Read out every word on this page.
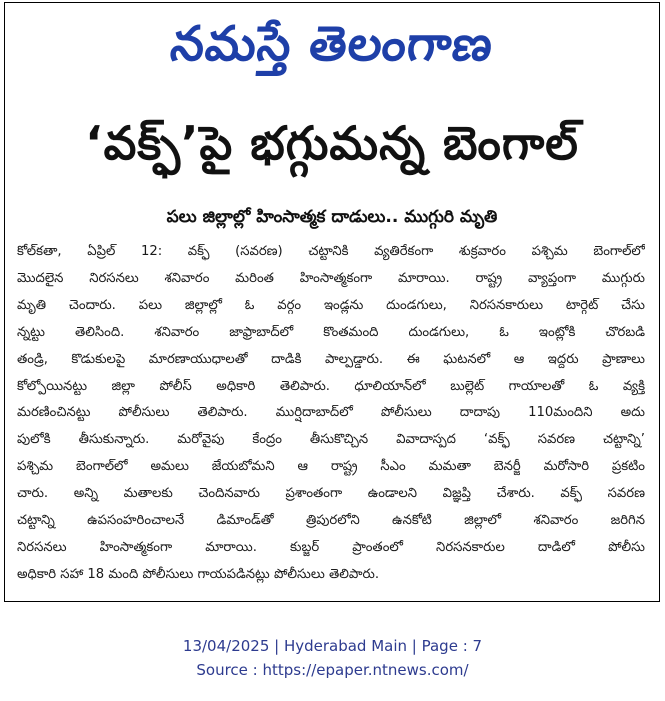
నమస్తే తెలంగాణ
‘వక్ఫ్’పై భగ్గుమన్న బెంగాల్
పలు జిల్లాల్లో హింసాత్మక దాడులు.. ముగ్గురి మృతి
కోల్‌కతా, ఏప్రిల్ 12: వక్ఫ్ (సవరణ) చట్టానికి వ్యతిరేకంగా శుక్రవారం పశ్చిమ బెంగాల్‌లో
మొదలైన నిరసనలు శనివారం మరింత హింసాత్మకంగా మారాయి. రాష్ట్ర వ్యాప్తంగా ముగ్గురు
మృతి చెందారు. పలు జిల్లాల్లో ఓ వర్గం ఇండ్లను దుండగులు, నిరసనకారులు టార్గెట్ చేసు
న్నట్టు తెలిసింది. శనివారం జాఫ్రాబాద్‌లో కొంతమంది దుండగులు, ఓ ఇంట్లోకి చొరబడి
తండ్రి, కొడుకులపై మారణాయుధాలతో దాడికి పాల్పడ్డారు. ఈ ఘటనలో ఆ ఇద్దరు ప్రాణాలు
కోల్పోయినట్టు జిల్లా పోలీస్ అధికారి తెలిపారు. ధూలియాన్‌లో బుల్లెట్ గాయాలతో ఓ వ్యక్తి
మరణించినట్టు పోలీసులు తెలిపారు. ముర్షిదాబాద్‌లో పోలీసులు దాదాపు 110మందిని అదు
పులోకి తీసుకున్నారు. మరోవైపు కేంద్రం తీసుకొచ్చిన వివాదాస్పద ‘వక్ఫ్ సవరణ చట్టాన్ని’
పశ్చిమ బెంగాల్‌లో అమలు జేయబోమని ఆ రాష్ట్ర సీఎం మమతా బెనర్జీ మరోసారి ప్రకటిం
చారు. అన్ని మతాలకు చెందినవారు ప్రశాంతంగా ఉండాలని విజ్ఞప్తి చేశారు. వక్ఫ్ సవరణ
చట్టాన్ని ఉపసంహరించాలనే డిమాండ్‌తో త్రిపురలోని ఉనకోటి జిల్లాలో శనివారం జరిగిన
నిరసనలు హింసాత్మకంగా మారాయి. కుబ్జర్ ప్రాంతంలో నిరసనకారుల దాడిలో పోలీసు
అధికారి సహా 18 మంది పోలీసులు గాయపడినట్లు పోలీసులు తెలిపారు.
13/04/2025 | Hyderabad Main | Page : 7
Source : https://epaper.ntnews.com/
